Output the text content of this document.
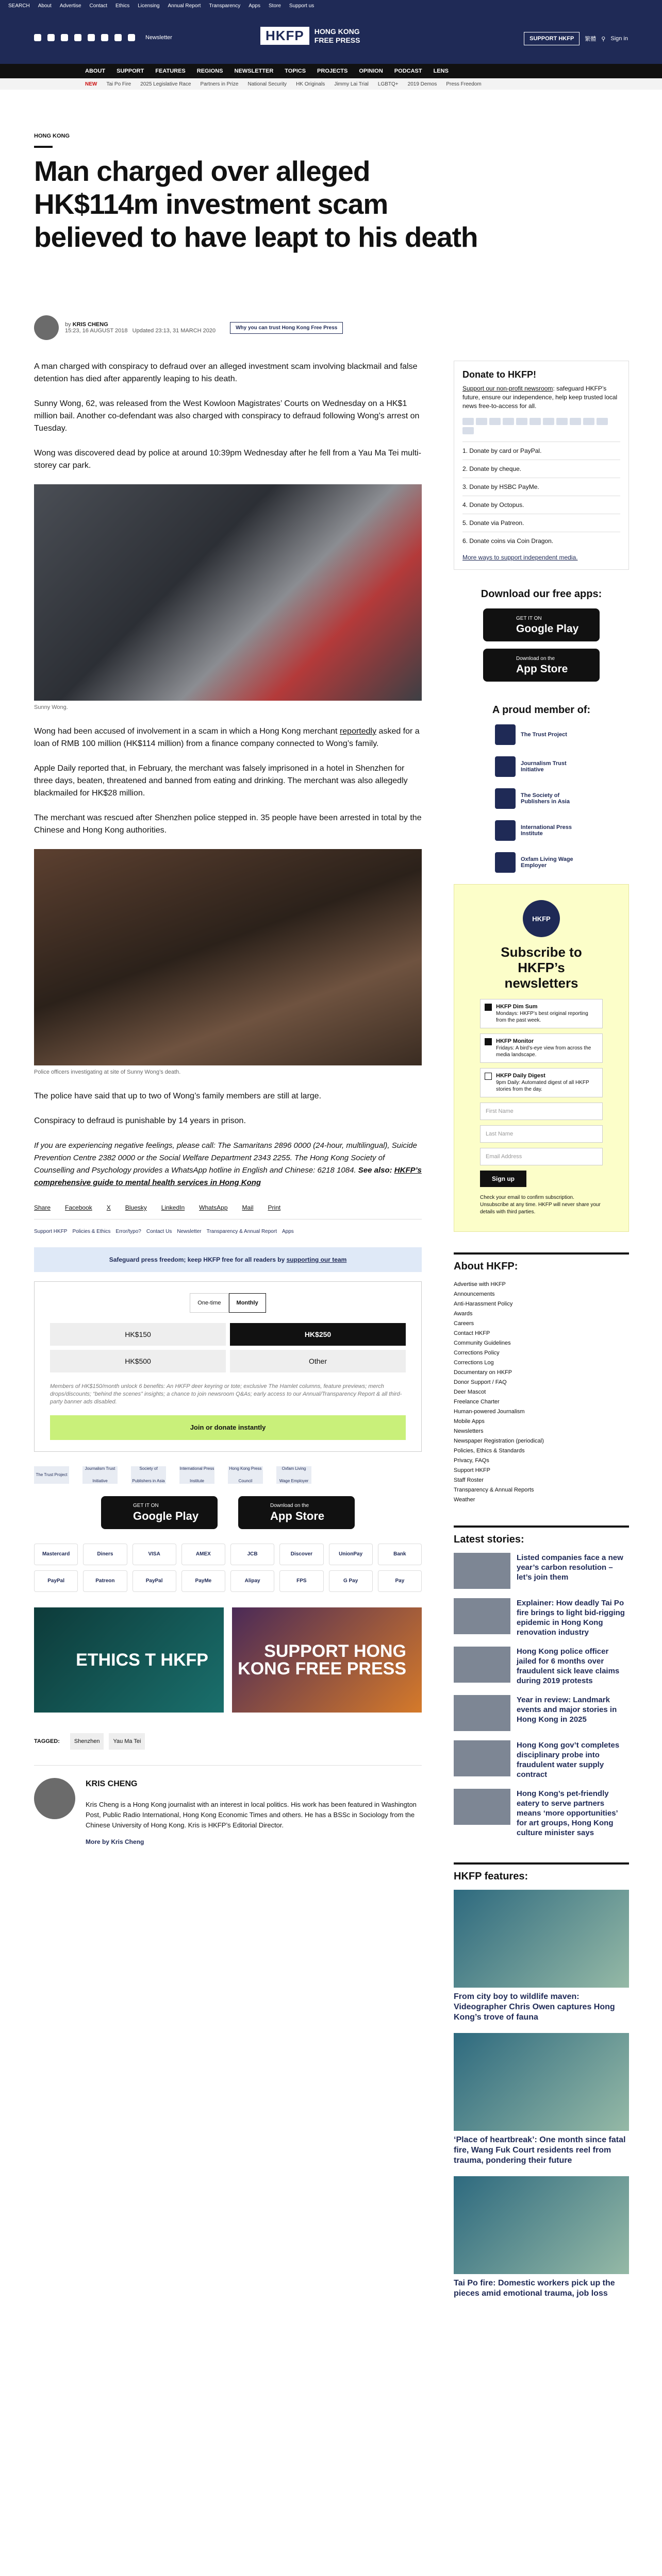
SEARCH About Advertise Contact Ethics Licensing Annual Report Transparency Apps Store Support us
Newsletter	HKFP	HONG KONG
FREE PRESS	SUPPORT HKFP	繁體 ⚲ Sign in
ABOUT SUPPORT FEATURES REGIONS NEWSLETTER TOPICS PROJECTS OPINION PODCAST LENS
NEW Tai Po Fire 2025 Legislative Race Partners in Prize National Security HK Originals Jimmy Lai Trial LGBTQ+ 2019 Demos Press Freedom
HONG KONG
Man charged over alleged HK$114m investment scam believed to have leapt to his death
by KRIS CHENG
15:23, 16 AUGUST 2018 Updated 23:13, 31 MARCH 2020	Why you can trust Hong Kong Free Press

A man charged with conspiracy to defraud over an alleged investment scam involving blackmail and false detention has died after apparently leaping to his death.

Sunny Wong, 62, was released from the West Kowloon Magistrates’ Courts on Wednesday on a HK$1 million bail. Another co-defendant was also charged with conspiracy to defraud following Wong’s arrest on Tuesday.

Wong was discovered dead by police at around 10:39pm Wednesday after he fell from a Yau Ma Tei multi-storey car park.

Sunny Wong.

Wong had been accused of involvement in a scam in which a Hong Kong merchant reportedly asked for a loan of RMB 100 million (HK$114 million) from a finance company connected to Wong’s family.

Apple Daily reported that, in February, the merchant was falsely imprisoned in a hotel in Shenzhen for three days, beaten, threatened and banned from eating and drinking. The merchant was also allegedly blackmailed for HK$28 million.

The merchant was rescued after Shenzhen police stepped in. 35 people have been arrested in total by the Chinese and Hong Kong authorities.

Police officers investigating at site of Sunny Wong’s death.

The police have said that up to two of Wong’s family members are still at large.

Conspiracy to defraud is punishable by 14 years in prison.

If you are experiencing negative feelings, please call: The Samaritans 2896 0000 (24-hour, multilingual), Suicide Prevention Centre 2382 0000 or the Social Welfare Department 2343 2255. The Hong Kong Society of Counselling and Psychology provides a WhatsApp hotline in English and Chinese: 6218 1084. See also: HKFP’s comprehensive guide to mental health services in Hong Kong

Share Facebook X Bluesky LinkedIn WhatsApp Mail Print
Support HKFP Policies & Ethics Error/typo? Contact Us Newsletter Transparency & Annual Report Apps
Safeguard press freedom; keep HKFP free for all readers by supporting our team
One-time	Monthly
HK$150	HK$250
HK$500	Other
Members of HK$150/month unlock 6 benefits: An HKFP deer keyring or tote; exclusive The Hamlet columns, feature previews; merch drops/discounts; “behind the scenes” insights; a chance to join newsroom Q&As; early access to our Annual/Transparency Report & all third-party banner ads disabled.
Join or donate instantly
The Trust Project
Journalism Trust Initiative
Society of Publishers in Asia
International Press Institute
Hong Kong Press Council
Oxfam Living Wage Employer
GET IT ON
Google Play
Download on the
App Store
Mastercard	Diners	VISA	AMEX	JCB	Discover	UnionPay	Bank
PayPal	Patreon	PayPal	PayMe	Alipay	FPS	G Pay	Pay
ETHICS T HKFP	SUPPORT HONG KONG FREE PRESS
TAGGED:	Shenzhen	Yau Ma Tei
KRIS CHENG

Kris Cheng is a Hong Kong journalist with an interest in local politics. His work has been featured in Washington Post, Public Radio International, Hong Kong Economic Times and others. He has a BSSc in Sociology from the Chinese University of Hong Kong. Kris is HKFP’s Editorial Director.

More by Kris Cheng
Donate to HKFP!

Support our non-profit newsroom: safeguard HKFP’s future, ensure our independence, help keep trusted local news free-to-access for all.

1. Donate by card or PayPal.
2. Donate by cheque.
3. Donate by HSBC PayMe.
4. Donate by Octopus.
5. Donate via Patreon.
6. Donate coins via Coin Dragon.
More ways to support independent media.
Download our free apps:
GET IT ON
Google Play
Download on the
App Store
A proud member of:
The Trust Project
Journalism Trust Initiative
The Society of Publishers in Asia
International Press Institute
Oxfam Living Wage Employer
HKFP
Subscribe to HKFP’s newsletters
HKFP Dim Sum
Mondays: HKFP’s best original reporting from the past week.
HKFP Monitor
Fridays: A bird’s-eye view from across the media landscape.
HKFP Daily Digest
9pm Daily: Automated digest of all HKFP stories from the day.
First Name
Last Name
Email Address
Sign up
Check your email to confirm subscription. Unsubscribe at any time. HKFP will never share your details with third parties.
About HKFP:
Advertise with HKFP
Announcements
Anti-Harassment Policy
Awards
Careers
Contact HKFP
Community Guidelines
Corrections Policy
Corrections Log
Documentary on HKFP
Donor Support / FAQ
Deer Mascot
Freelance Charter
Human-powered Journalism
Mobile Apps
Newsletters
Newspaper Registration (periodical)
Policies, Ethics & Standards
Privacy, FAQs
Support HKFP
Staff Roster
Transparency & Annual Reports
Weather
Latest stories:
Listed companies face a new year’s carbon resolution – let’s join them
Explainer: How deadly Tai Po fire brings to light bid-rigging epidemic in Hong Kong renovation industry
Hong Kong police officer jailed for 6 months over fraudulent sick leave claims during 2019 protests
Year in review: Landmark events and major stories in Hong Kong in 2025
Hong Kong gov’t completes disciplinary probe into fraudulent water supply contract
Hong Kong’s pet-friendly eatery to serve partners means ‘more opportunities’ for art groups, Hong Kong culture minister says
HKFP features:
From city boy to wildlife maven: Videographer Chris Owen captures Hong Kong’s trove of fauna
‘Place of heartbreak’: One month since fatal fire, Wang Fuk Court residents reel from trauma, pondering their future
Tai Po fire: Domestic workers pick up the pieces amid emotional trauma, job loss
